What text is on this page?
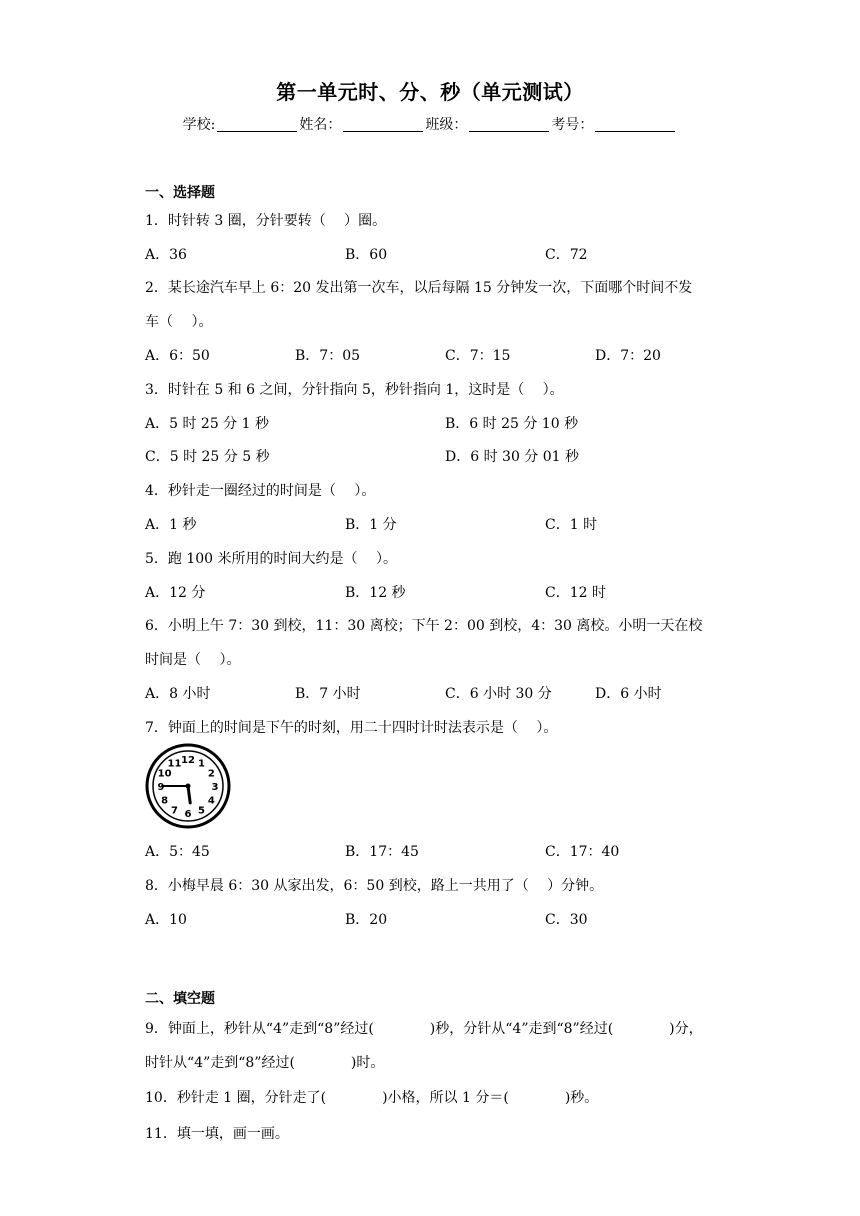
第一单元时、分、秒（单元测试）
学校:	姓名：	班级：	考号：
一、选择题
1．时针转 3 圈，分针要转（　 ）圈。
A．36	B．60	C．72
2．某长途汽车早上 6：20 发出第一次车，以后每隔 15 分钟发一次，下面哪个时间不发
车（　 ）。
A．6：50	B．7：05	C．7：15	D．7：20
3．时针在 5 和 6 之间，分针指向 5，秒针指向 1，这时是（　 ）。
A．5 时 25 分 1 秒	B．6 时 25 分 10 秒
C．5 时 25 分 5 秒	D．6 时 30 分 01 秒
4．秒针走一圈经过的时间是（　 ）。
A．1 秒	B．1 分	C．1 时
5．跑 100 米所用的时间大约是（　 ）。
A．12 分	B．12 秒	C．12 时
6．小明上午 7：30 到校，11：30 离校；下午 2：00 到校，4：30 离校。小明一天在校
时间是（　 ）。
A．8 小时	B．7 小时	C．6 小时 30 分	D．6 小时
7．钟面上的时间是下午的时刻，用二十四时计时法表示是（　 ）。
12 1
2
3
4
5
6
7
8
9
10
11
A．5：45	B．17：45	C．17：40
8．小梅早晨 6：30 从家出发，6：50 到校，路上一共用了（　 ）分钟。
A．10	B．20	C．30
二、填空题
9．钟面上，秒针从“4”走到“8”经过(　　　　)秒，分针从“4”走到“8”经过(　　　　)分，
时针从“4”走到“8”经过(　　　　)时。
10．秒针走 1 圈，分针走了(　　　　)小格，所以 1 分＝(　　　　)秒。
11．填一填，画一画。
